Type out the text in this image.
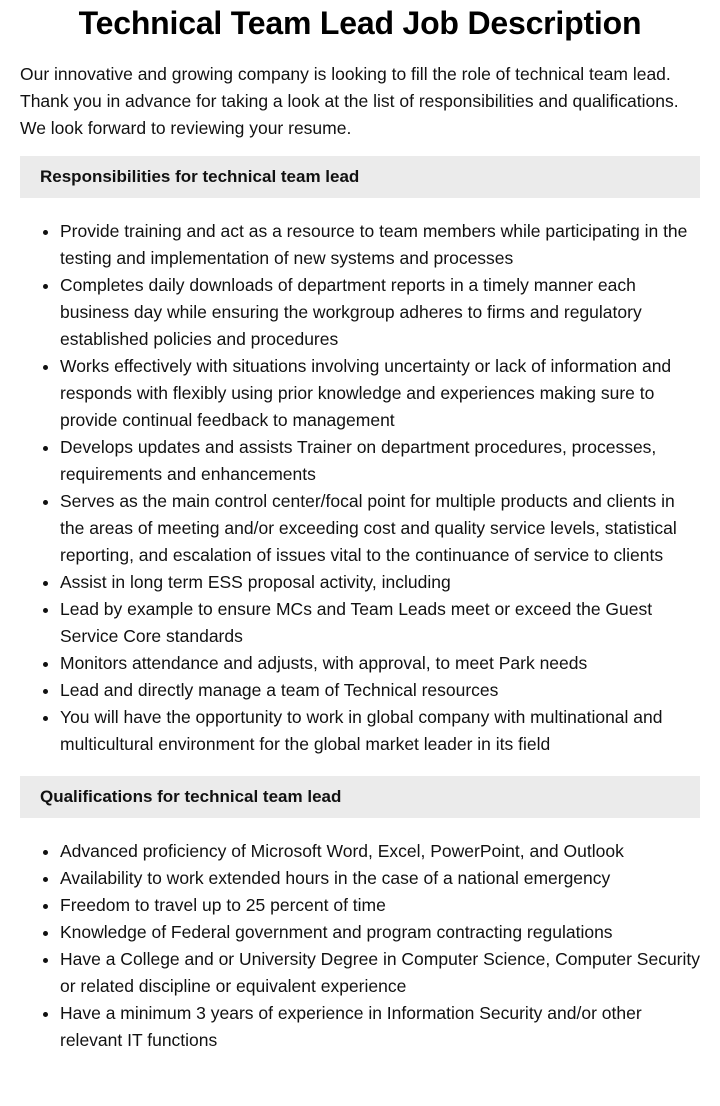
Technical Team Lead Job Description

Our innovative and growing company is looking to fill the role of technical team lead. Thank you in advance for taking a look at the list of responsibilities and qualifications. We look forward to reviewing your resume.

Responsibilities for technical team lead
• Provide training and act as a resource to team members while participating in the testing and implementation of new systems and processes
• Completes daily downloads of department reports in a timely manner each business day while ensuring the workgroup adheres to firms and regulatory established policies and procedures
• Works effectively with situations involving uncertainty or lack of information and responds with flexibly using prior knowledge and experiences making sure to provide continual feedback to management
• Develops updates and assists Trainer on department procedures, processes, requirements and enhancements
• Serves as the main control center/focal point for multiple products and clients in the areas of meeting and/or exceeding cost and quality service levels, statistical reporting, and escalation of issues vital to the continuance of service to clients
• Assist in long term ESS proposal activity, including
• Lead by example to ensure MCs and Team Leads meet or exceed the Guest Service Core standards
• Monitors attendance and adjusts, with approval, to meet Park needs
• Lead and directly manage a team of Technical resources
• You will have the opportunity to work in global company with multinational and multicultural environment for the global market leader in its field
Qualifications for technical team lead
• Advanced proficiency of Microsoft Word, Excel, PowerPoint, and Outlook
• Availability to work extended hours in the case of a national emergency
• Freedom to travel up to 25 percent of time
• Knowledge of Federal government and program contracting regulations
• Have a College and or University Degree in Computer Science, Computer Security or related discipline or equivalent experience
• Have a minimum 3 years of experience in Information Security and/or other relevant IT functions
